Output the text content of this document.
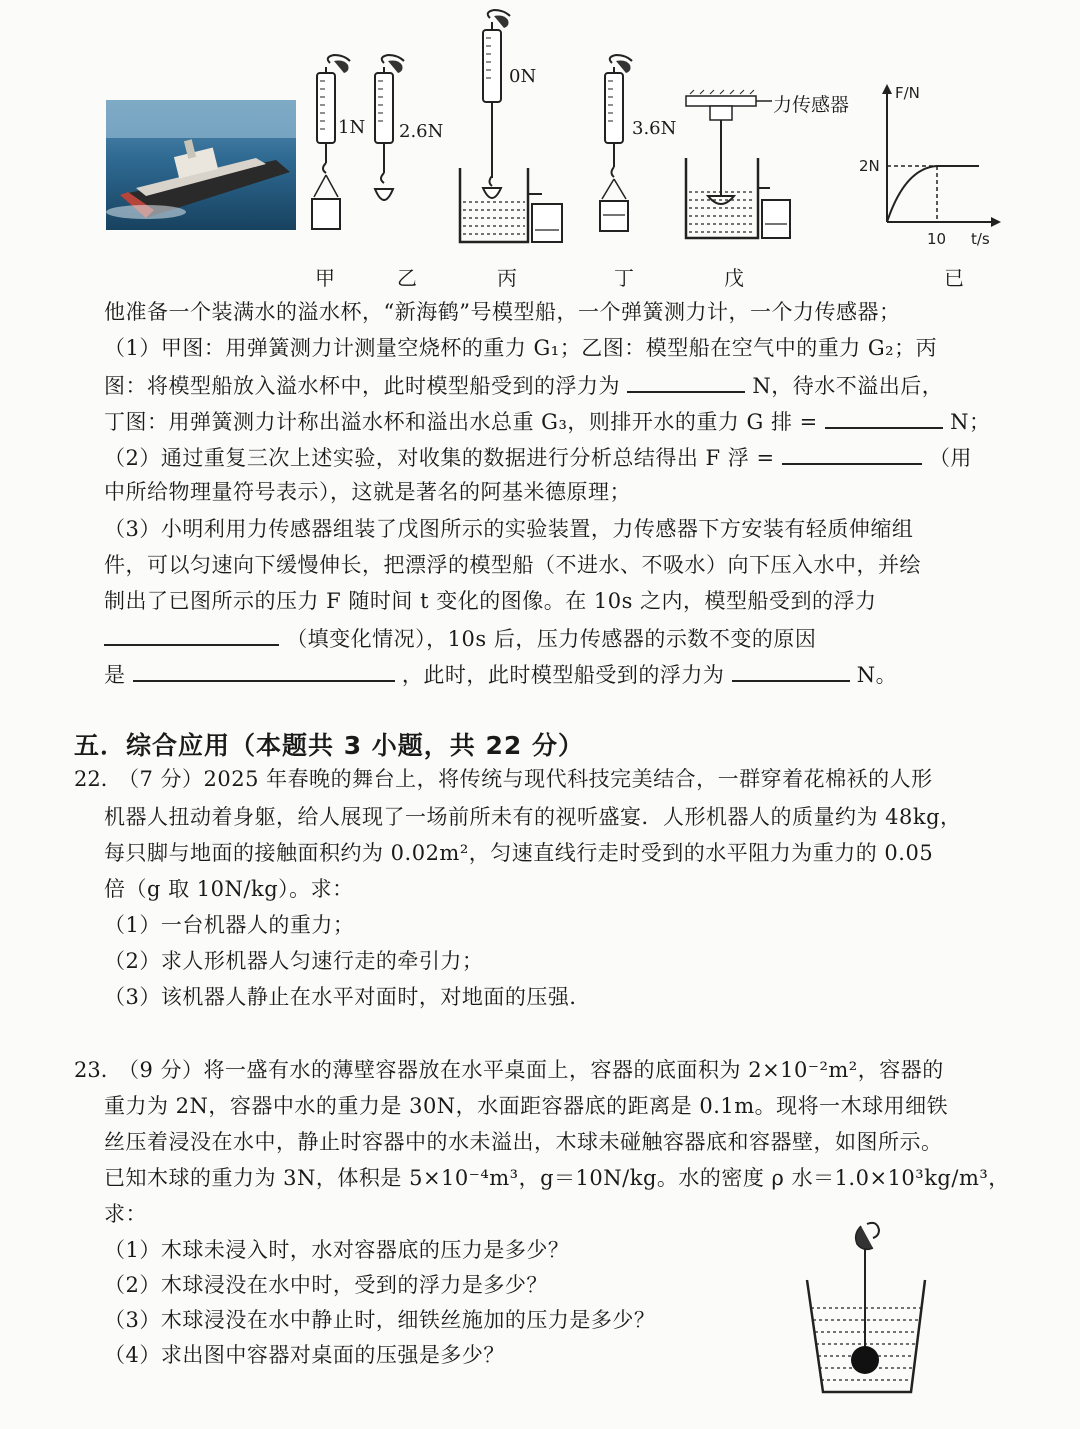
1N 2.6N
0N
3.6N
力传感器
F/N
2N
10 t/s
甲	乙	丙	丁	戊	已
他准备一个装满水的溢水杯，“新海鹤”号模型船，一个弹簧测力计，一个力传感器；
（1）甲图：用弹簧测力计测量空烧杯的重力 G₁；乙图：模型船在空气中的重力 G₂；丙
图：将模型船放入溢水杯中，此时模型船受到的浮力为	N，待水不溢出后，
丁图：用弹簧测力计称出溢水杯和溢出水总重 G₃，则排开水的重力 G 排 =	N；
（2）通过重复三次上述实验，对收集的数据进行分析总结得出 F 浮 =	（用
中所给物理量符号表示），这就是著名的阿基米德原理；
（3）小明利用力传感器组装了戊图所示的实验装置，力传感器下方安装有轻质伸缩组
件，可以匀速向下缓慢伸长，把漂浮的模型船（不进水、不吸水）向下压入水中，并绘
制出了已图所示的压力 F 随时间 t 变化的图像。在 10s 之内，模型船受到的浮力
（填变化情况），10s 后，压力传感器的示数不变的原因
是	，此时，此时模型船受到的浮力为	N。
五．综合应用（本题共 3 小题，共 22 分）
22．
（7 分）2025 年春晚的舞台上，将传统与现代科技完美结合，一群穿着花棉袄的人形
机器人扭动着身躯，给人展现了一场前所未有的视听盛宴．人形机器人的质量约为 48kg，
每只脚与地面的接触面积约为 0.02m²，匀速直线行走时受到的水平阻力为重力的 0.05
倍（g 取 10N/kg）。求：
（1）一台机器人的重力；
（2）求人形机器人匀速行走的牵引力；
（3）该机器人静止在水平对面时，对地面的压强．
23．
（9 分）将一盛有水的薄壁容器放在水平桌面上，容器的底面积为 2×10⁻²m²，容器的
重力为 2N，容器中水的重力是 30N，水面距容器底的距离是 0.1m。现将一木球用细铁
丝压着浸没在水中，静止时容器中的水未溢出，木球未碰触容器底和容器壁，如图所示。
已知木球的重力为 3N，体积是 5×10⁻⁴m³，g＝10N/kg。水的密度 ρ 水＝1.0×10³kg/m³，
求：
（1）木球未浸入时，水对容器底的压力是多少？
（2）木球浸没在水中时，受到的浮力是多少？
（3）木球浸没在水中静止时，细铁丝施加的压力是多少？
（4）求出图中容器对桌面的压强是多少？
